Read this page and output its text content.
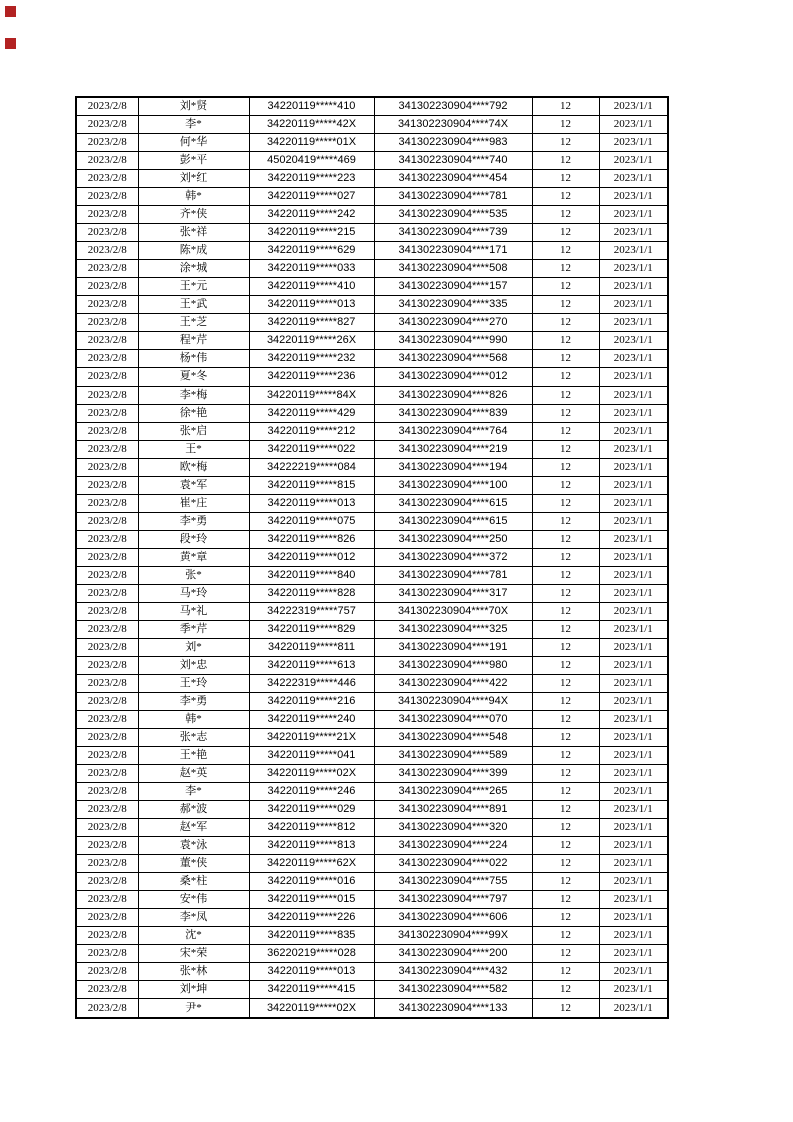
2023/2/8	刘*贤	34220119*****410	341302230904****792	12	2023/1/1
2023/2/8	李*	34220119*****42X	341302230904****74X	12	2023/1/1
2023/2/8	何*华	34220119*****01X	341302230904****983	12	2023/1/1
2023/2/8	彭*平	45020419*****469	341302230904****740	12	2023/1/1
2023/2/8	刘*红	34220119*****223	341302230904****454	12	2023/1/1
2023/2/8	韩*	34220119*****027	341302230904****781	12	2023/1/1
2023/2/8	齐*侠	34220119*****242	341302230904****535	12	2023/1/1
2023/2/8	张*祥	34220119*****215	341302230904****739	12	2023/1/1
2023/2/8	陈*成	34220119*****629	341302230904****171	12	2023/1/1
2023/2/8	涂*城	34220119*****033	341302230904****508	12	2023/1/1
2023/2/8	王*元	34220119*****410	341302230904****157	12	2023/1/1
2023/2/8	王*武	34220119*****013	341302230904****335	12	2023/1/1
2023/2/8	王*芝	34220119*****827	341302230904****270	12	2023/1/1
2023/2/8	程*芹	34220119*****26X	341302230904****990	12	2023/1/1
2023/2/8	杨*伟	34220119*****232	341302230904****568	12	2023/1/1
2023/2/8	夏*冬	34220119*****236	341302230904****012	12	2023/1/1
2023/2/8	李*梅	34220119*****84X	341302230904****826	12	2023/1/1
2023/2/8	徐*艳	34220119*****429	341302230904****839	12	2023/1/1
2023/2/8	张*启	34220119*****212	341302230904****764	12	2023/1/1
2023/2/8	王*	34220119*****022	341302230904****219	12	2023/1/1
2023/2/8	欧*梅	34222219*****084	341302230904****194	12	2023/1/1
2023/2/8	袁*军	34220119*****815	341302230904****100	12	2023/1/1
2023/2/8	崔*庄	34220119*****013	341302230904****615	12	2023/1/1
2023/2/8	李*勇	34220119*****075	341302230904****615	12	2023/1/1
2023/2/8	段*玲	34220119*****826	341302230904****250	12	2023/1/1
2023/2/8	黄*章	34220119*****012	341302230904****372	12	2023/1/1
2023/2/8	张*	34220119*****840	341302230904****781	12	2023/1/1
2023/2/8	马*玲	34220119*****828	341302230904****317	12	2023/1/1
2023/2/8	马*礼	34222319*****757	341302230904****70X	12	2023/1/1
2023/2/8	季*芹	34220119*****829	341302230904****325	12	2023/1/1
2023/2/8	刘*	34220119*****811	341302230904****191	12	2023/1/1
2023/2/8	刘*忠	34220119*****613	341302230904****980	12	2023/1/1
2023/2/8	王*玲	34222319*****446	341302230904****422	12	2023/1/1
2023/2/8	李*勇	34220119*****216	341302230904****94X	12	2023/1/1
2023/2/8	韩*	34220119*****240	341302230904****070	12	2023/1/1
2023/2/8	张*志	34220119*****21X	341302230904****548	12	2023/1/1
2023/2/8	王*艳	34220119*****041	341302230904****589	12	2023/1/1
2023/2/8	赵*英	34220119*****02X	341302230904****399	12	2023/1/1
2023/2/8	李*	34220119*****246	341302230904****265	12	2023/1/1
2023/2/8	郝*波	34220119*****029	341302230904****891	12	2023/1/1
2023/2/8	赵*军	34220119*****812	341302230904****320	12	2023/1/1
2023/2/8	袁*泳	34220119*****813	341302230904****224	12	2023/1/1
2023/2/8	董*侠	34220119*****62X	341302230904****022	12	2023/1/1
2023/2/8	桑*柱	34220119*****016	341302230904****755	12	2023/1/1
2023/2/8	安*伟	34220119*****015	341302230904****797	12	2023/1/1
2023/2/8	李*凤	34220119*****226	341302230904****606	12	2023/1/1
2023/2/8	沈*	34220119*****835	341302230904****99X	12	2023/1/1
2023/2/8	宋*荣	36220219*****028	341302230904****200	12	2023/1/1
2023/2/8	张*林	34220119*****013	341302230904****432	12	2023/1/1
2023/2/8	刘*坤	34220119*****415	341302230904****582	12	2023/1/1
2023/2/8	尹*	34220119*****02X	341302230904****133	12	2023/1/1
